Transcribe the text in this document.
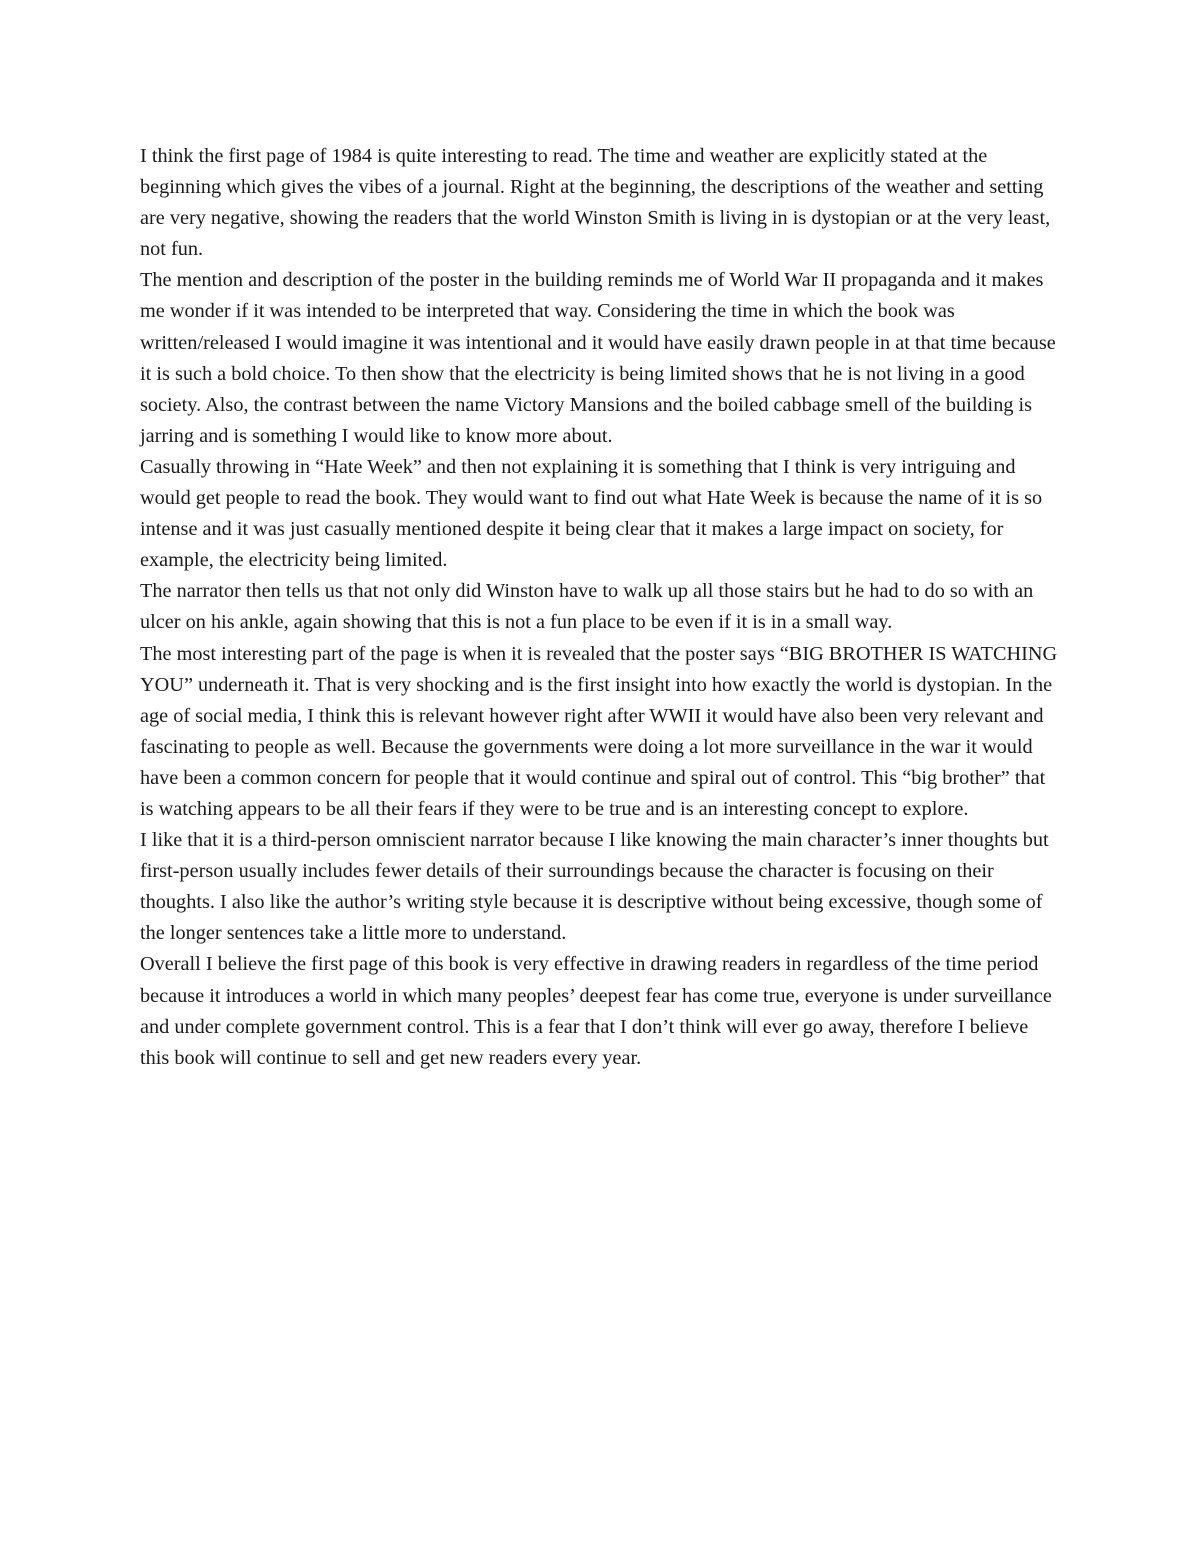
I think the first page of 1984 is quite interesting to read. The time and weather are explicitly stated at the beginning which gives the vibes of a journal. Right at the beginning, the descriptions of the weather and setting are very negative, showing the readers that the world Winston Smith is living in is dystopian or at the very least, not fun.

The mention and description of the poster in the building reminds me of World War II propaganda and it makes me wonder if it was intended to be interpreted that way. Considering the time in which the book was written/released I would imagine it was intentional and it would have easily drawn people in at that time because it is such a bold choice. To then show that the electricity is being limited shows that he is not living in a good society. Also, the contrast between the name Victory Mansions and the boiled cabbage smell of the building is jarring and is something I would like to know more about.

Casually throwing in “Hate Week” and then not explaining it is something that I think is very intriguing and would get people to read the book. They would want to find out what Hate Week is because the name of it is so intense and it was just casually mentioned despite it being clear that it makes a large impact on society, for example, the electricity being limited.

The narrator then tells us that not only did Winston have to walk up all those stairs but he had to do so with an ulcer on his ankle, again showing that this is not a fun place to be even if it is in a small way.

The most interesting part of the page is when it is revealed that the poster says “BIG BROTHER IS WATCHING YOU” underneath it. That is very shocking and is the first insight into how exactly the world is dystopian. In the age of social media, I think this is relevant however right after WWII it would have also been very relevant and fascinating to people as well. Because the governments were doing a lot more surveillance in the war it would have been a common concern for people that it would continue and spiral out of control. This “big brother” that is watching appears to be all their fears if they were to be true and is an interesting concept to explore.

I like that it is a third-person omniscient narrator because I like knowing the main character’s inner thoughts but first-person usually includes fewer details of their surroundings because the character is focusing on their thoughts. I also like the author’s writing style because it is descriptive without being excessive, though some of the longer sentences take a little more to understand.

Overall I believe the first page of this book is very effective in drawing readers in regardless of the time period because it introduces a world in which many peoples’ deepest fear has come true, everyone is under surveillance and under complete government control. This is a fear that I don’t think will ever go away, therefore I believe this book will continue to sell and get new readers every year.
